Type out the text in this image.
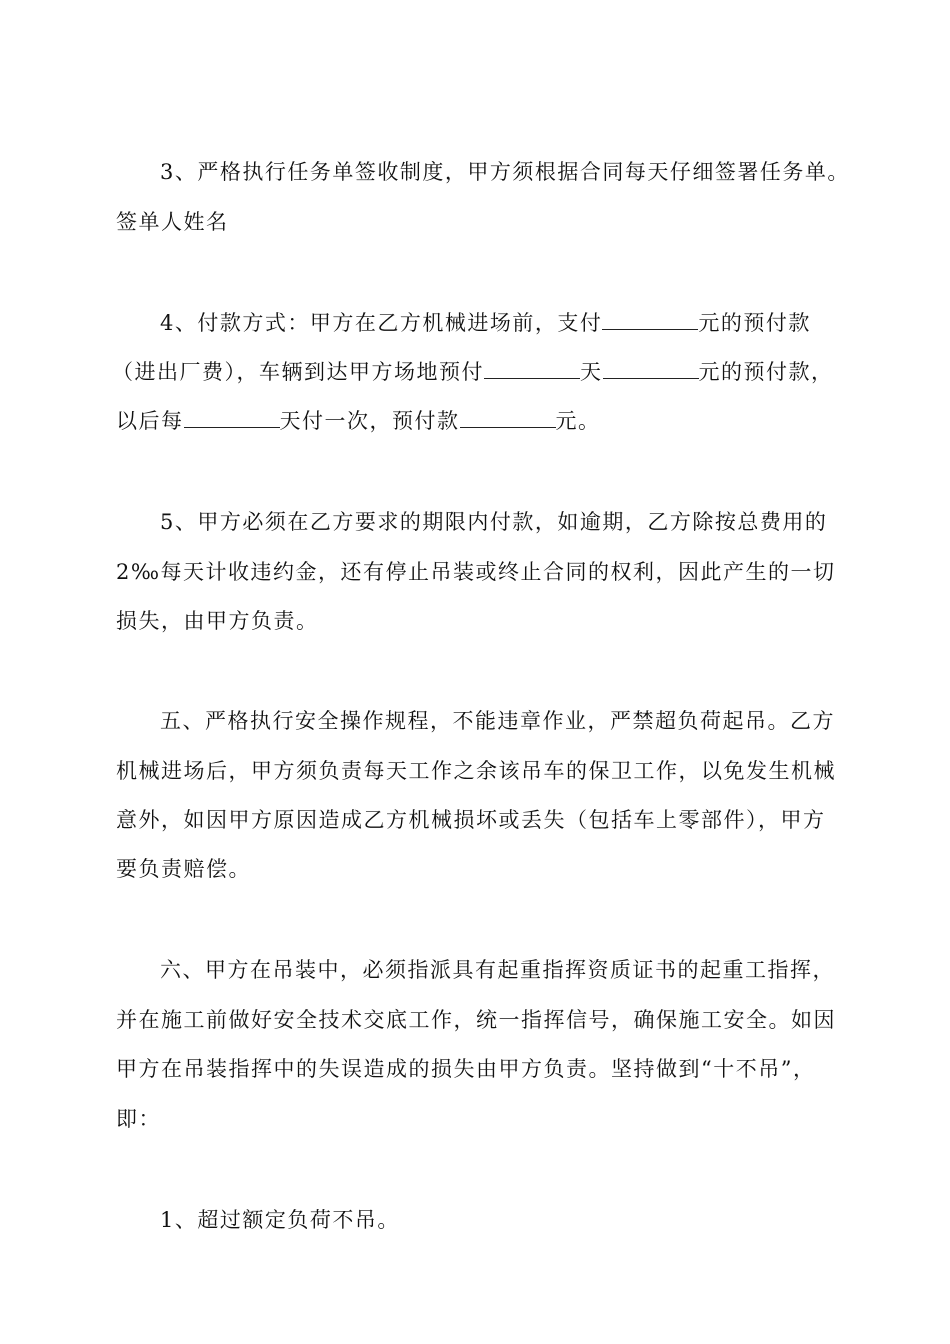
3、严格执行任务单签收制度，甲方须根据合同每天仔细签署任务单。
签单人姓名
4、付款方式：甲方在乙方机械进场前，支付	元的预付款
（进出厂费），车辆到达甲方场地预付	天	元的预付款，
以后每	天付一次，预付款	元。
5、甲方必须在乙方要求的期限内付款，如逾期，乙方除按总费用的
2‰每天计收违约金，还有停止吊装或终止合同的权利，因此产生的一切
损失，由甲方负责。
五、严格执行安全操作规程，不能违章作业，严禁超负荷起吊。乙方
机械进场后，甲方须负责每天工作之余该吊车的保卫工作，以免发生机械
意外，如因甲方原因造成乙方机械损坏或丢失（包括车上零部件），甲方
要负责赔偿。
六、甲方在吊装中，必须指派具有起重指挥资质证书的起重工指挥，
并在施工前做好安全技术交底工作，统一指挥信号，确保施工安全。如因
甲方在吊装指挥中的失误造成的损失由甲方负责。坚持做到“十不吊”，
即：
1、超过额定负荷不吊。
